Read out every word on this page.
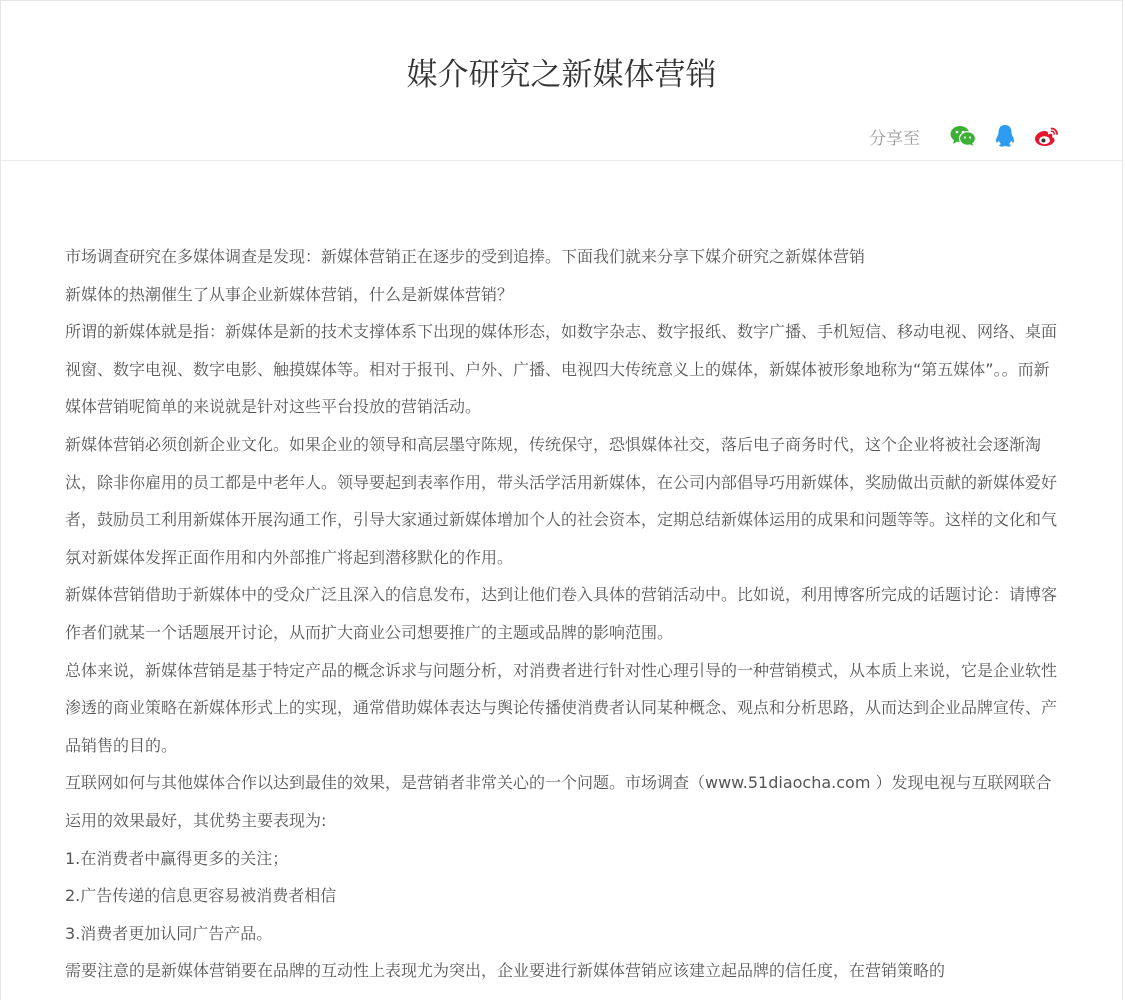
媒介研究之新媒体营销
分享至

市场调查研究在多媒体调查是发现：新媒体营销正在逐步的受到追捧。下面我们就来分享下媒介研究之新媒体营销

新媒体的热潮催生了从事企业新媒体营销，什么是新媒体营销？

所谓的新媒体就是指：新媒体是新的技术支撑体系下出现的媒体形态，如数字杂志、数字报纸、数字广播、手机短信、移动电视、网络、桌面视窗、数字电视、数字电影、触摸媒体等。相对于报刊、户外、广播、电视四大传统意义上的媒体，新媒体被形象地称为“第五媒体”。。而新媒体营销呢简单的来说就是针对这些平台投放的营销活动。

新媒体营销必须创新企业文化。如果企业的领导和高层墨守陈规，传统保守，恐惧媒体社交，落后电子商务时代，这个企业将被社会逐渐淘汰，除非你雇用的员工都是中老年人。领导要起到表率作用，带头活学活用新媒体，在公司内部倡导巧用新媒体，奖励做出贡献的新媒体爱好者，鼓励员工利用新媒体开展沟通工作，引导大家通过新媒体增加个人的社会资本，定期总结新媒体运用的成果和问题等等。这样的文化和气氛对新媒体发挥正面作用和内外部推广将起到潜移默化的作用。

新媒体营销借助于新媒体中的受众广泛且深入的信息发布，达到让他们卷入具体的营销活动中。比如说，利用博客所完成的话题讨论：请博客作者们就某一个话题展开讨论，从而扩大商业公司想要推广的主题或品牌的影响范围。

总体来说，新媒体营销是基于特定产品的概念诉求与问题分析，对消费者进行针对性心理引导的一种营销模式，从本质上来说，它是企业软性渗透的商业策略在新媒体形式上的实现，通常借助媒体表达与舆论传播使消费者认同某种概念、观点和分析思路，从而达到企业品牌宣传、产品销售的目的。

互联网如何与其他媒体合作以达到最佳的效果，是营销者非常关心的一个问题。市场调查（www.51diaocha.com ）发现电视与互联网联合运用的效果最好，其优势主要表现为:

1.在消费者中赢得更多的关注；

2.广告传递的信息更容易被消费者相信

3.消费者更加认同广告产品。

需要注意的是新媒体营销要在品牌的互动性上表现尤为突出，企业要进行新媒体营销应该建立起品牌的信任度，在营销策略的
